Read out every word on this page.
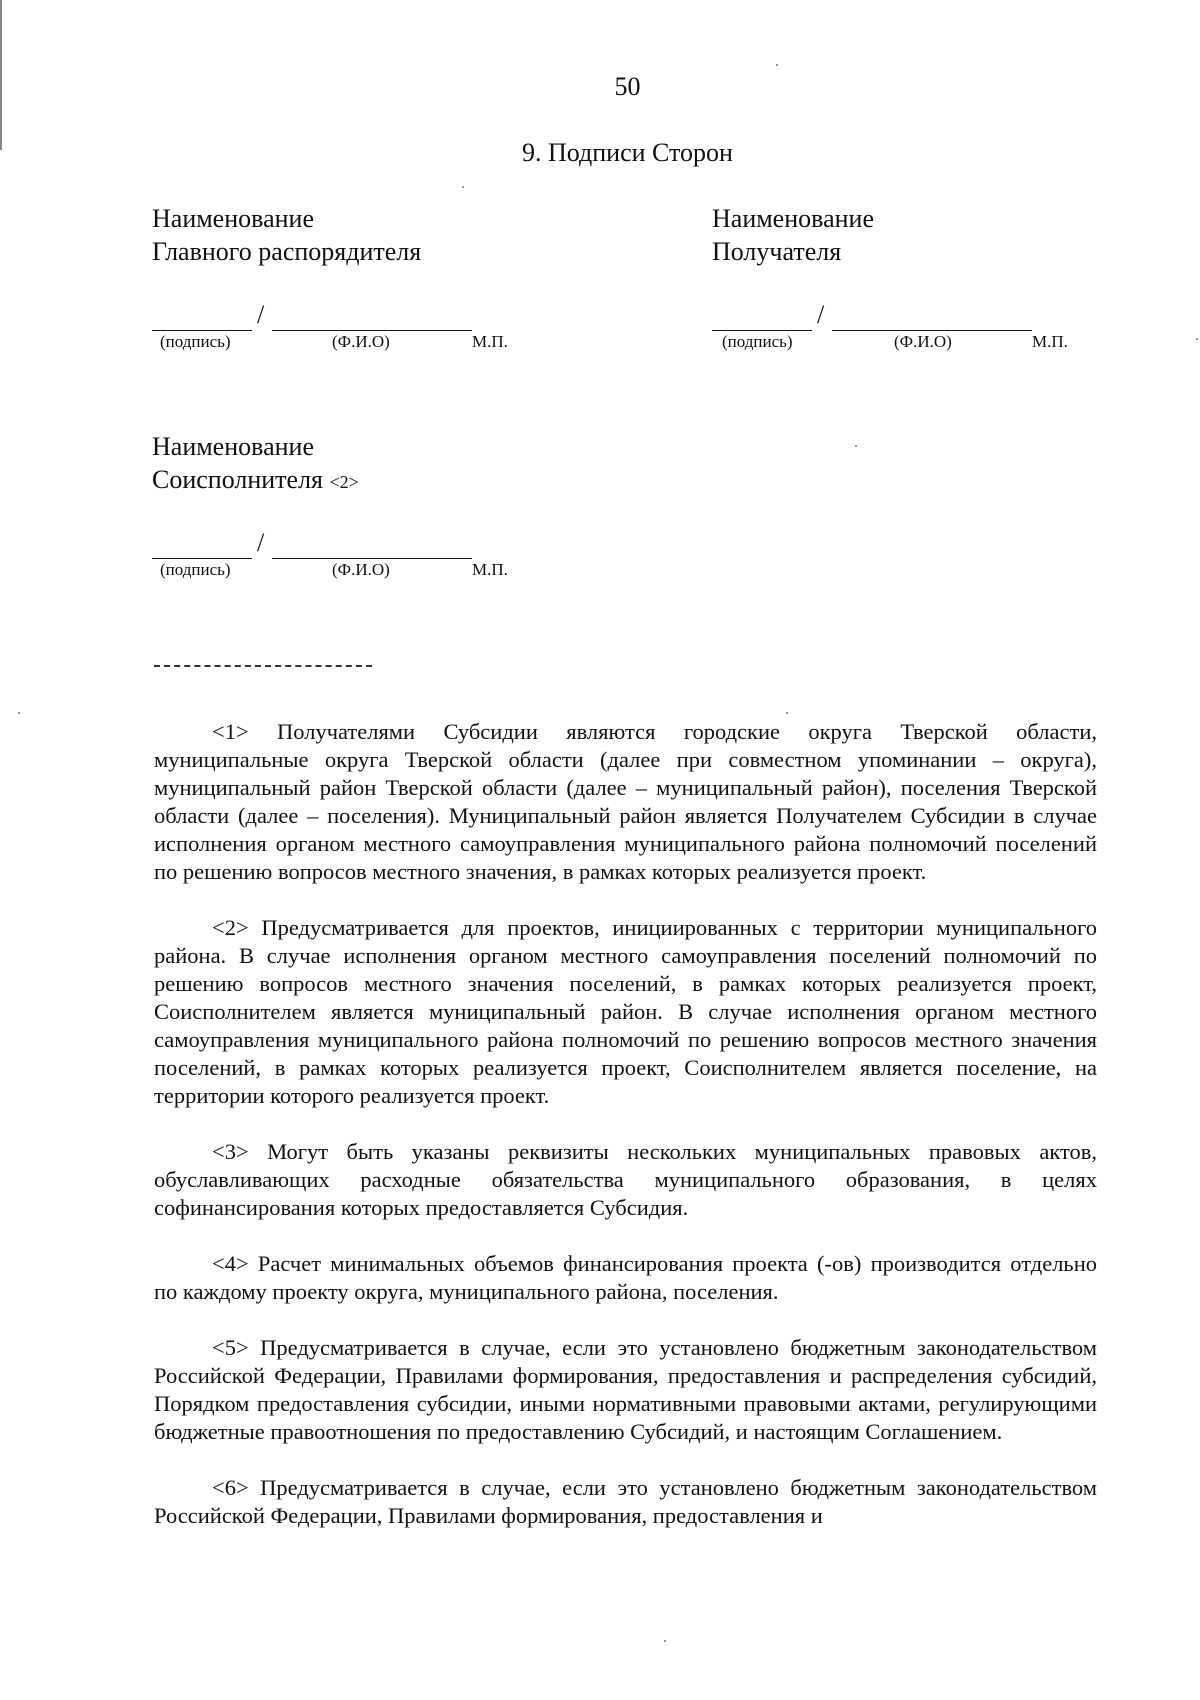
50
9. Подписи Сторон
Наименование
Главного распорядителя
/
(подпись)	(Ф.И.О)	М.П.
Наименование
Получателя
/
(подпись)	(Ф.И.О)	М.П.
Наименование
Соисполнителя <2>
/
(подпись)	(Ф.И.О)	М.П.

<1> Получателями Субсидии являются городские округа Тверской области, муниципальные округа Тверской области (далее при совместном упоминании – округа), муниципальный район Тверской области (далее – муниципальный район), поселения Тверской области (далее – поселения). Муниципальный район является Получателем Субсидии в случае исполнения органом местного самоуправления муниципального района полномочий поселений по решению вопросов местного значения, в рамках которых реализуется проект.

<2> Предусматривается для проектов, инициированных с территории муниципального района. В случае исполнения органом местного самоуправления поселений полномочий по решению вопросов местного значения поселений, в рамках которых реализуется проект, Соисполнителем является муниципальный район. В случае исполнения органом местного самоуправления муниципального района полномочий по решению вопросов местного значения поселений, в рамках которых реализуется проект, Соисполнителем является поселение, на территории которого реализуется проект.

<3> Могут быть указаны реквизиты нескольких муниципальных правовых актов, обуславливающих расходные обязательства муниципального образования, в целях софинансирования которых предоставляется Субсидия.

<4> Расчет минимальных объемов финансирования проекта (-ов) производится отдельно по каждому проекту округа, муниципального района, поселения.

<5> Предусматривается в случае, если это установлено бюджетным законодательством Российской Федерации, Правилами формирования, предоставления и распределения субсидий, Порядком предоставления субсидии, иными нормативными правовыми актами, регулирующими бюджетные правоотношения по предоставлению Субсидий, и настоящим Соглашением.

<6> Предусматривается в случае, если это установлено бюджетным законодательством Российской Федерации, Правилами формирования, предоставления и
